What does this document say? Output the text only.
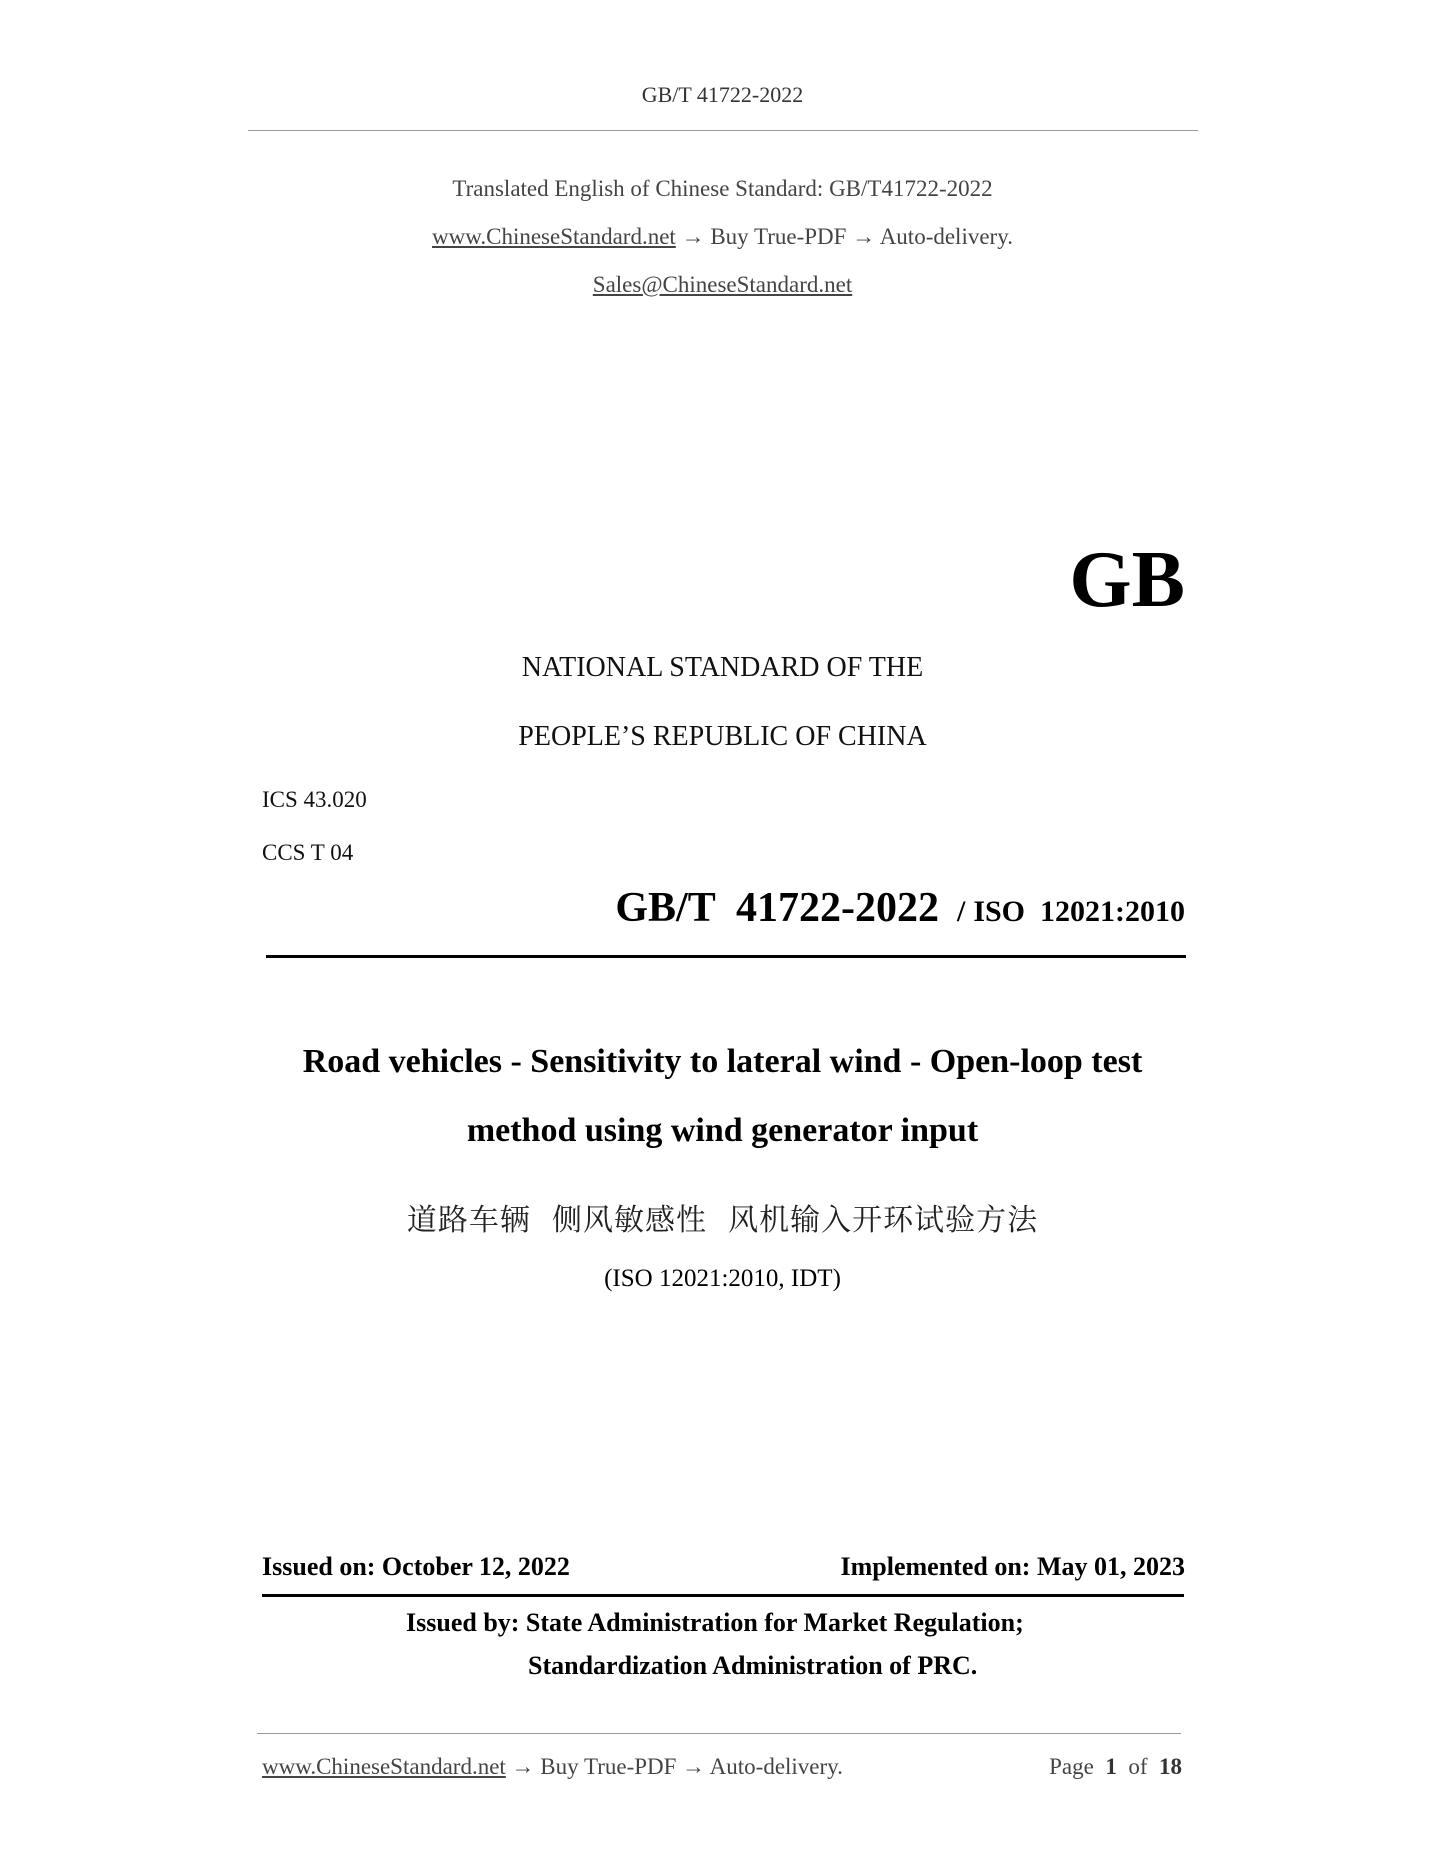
GB/T 41722-2022
Translated English of Chinese Standard: GB/T41722-2022
www.ChineseStandard.net → Buy True-PDF → Auto-delivery.
Sales@ChineseStandard.net
GB
NATIONAL STANDARD OF THE
PEOPLE’S REPUBLIC OF CHINA
ICS 43.020
CCS T 04
GB/T  41722-2022 / ISO  12021:2010
Road vehicles - Sensitivity to lateral wind - Open-loop test
method using wind generator input
道路车辆  侧风敏感性  风机输入开环试验方法
(ISO 12021:2010, IDT)
Issued on: October 12, 2022	Implemented on: May 01, 2023
Issued by: State Administration for Market Regulation;
Standardization Administration of PRC.
www.ChineseStandard.net → Buy True-PDF → Auto-delivery.	Page 1 of 18
